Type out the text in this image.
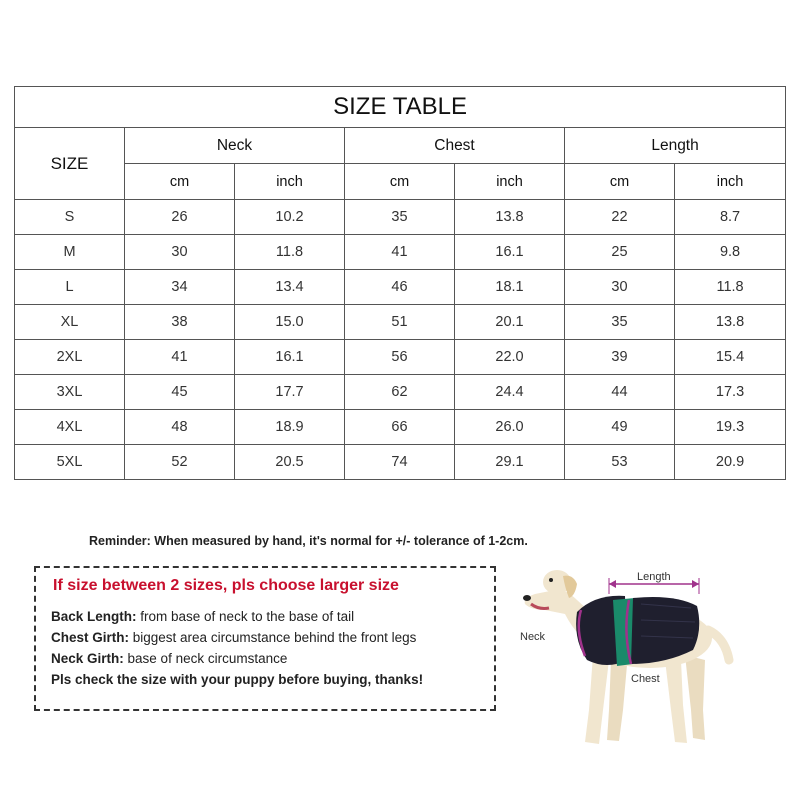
SIZE TABLE						
SIZE	Neck		Chest		Length	
	cm	inch	cm	inch	cm	inch
S	26	10.2	35	13.8	22	8.7
M	30	11.8	41	16.1	25	9.8
L	34	13.4	46	18.1	30	11.8
XL	38	15.0	51	20.1	35	13.8
2XL	41	16.1	56	22.0	39	15.4
3XL	45	17.7	62	24.4	44	17.3
4XL	48	18.9	66	26.0	49	19.3
5XL	52	20.5	74	29.1	53	20.9
Reminder: When measured by hand, it's normal for +/- tolerance of 1-2cm.
If size between 2 sizes, pls choose larger size
Back Length: from base of neck to the base of tail
Chest Girth: biggest area circumstance behind the front legs
Neck Girth: base of neck circumstance
Pls check the size with your puppy before buying, thanks!
Length
Neck
Chest
